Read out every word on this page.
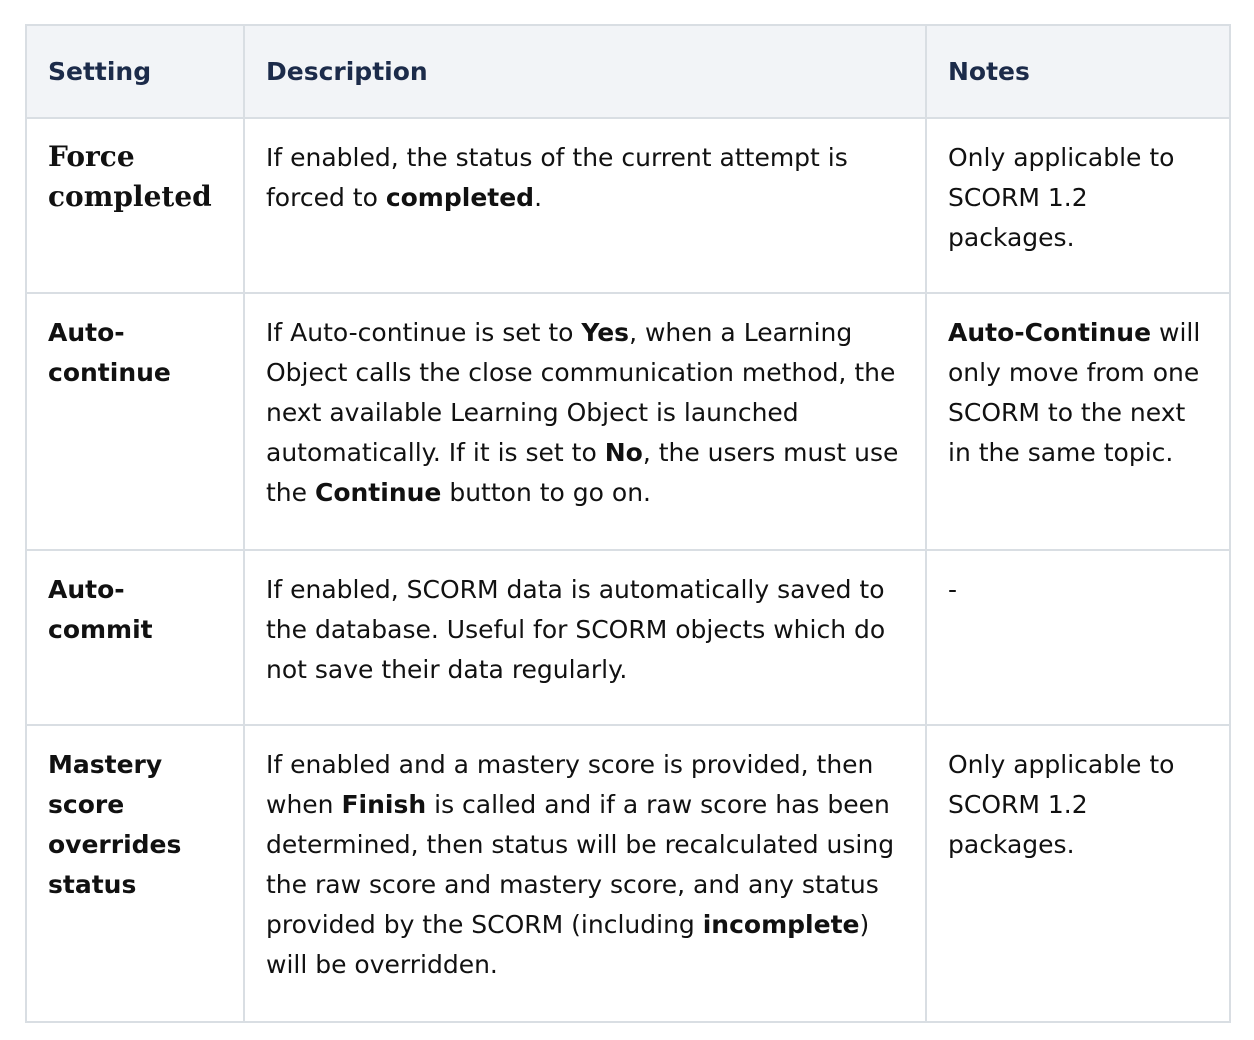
Setting	Description	Notes
Force completed	If enabled, the status of the current attempt is forced to completed.	Only applicable to SCORM 1.2 packages.
Auto-continue	If Auto-continue is set to Yes, when a Learning Object calls the close communication method, the next available Learning Object is launched automatically. If it is set to No, the users must use the Continue button to go on.	Auto-Continue will only move from one SCORM to the next in the same topic.
Auto-commit	If enabled, SCORM data is automatically saved to the database. Useful for SCORM objects which do not save their data regularly.	-
Mastery score overrides status	If enabled and a mastery score is provided, then when Finish is called and if a raw score has been determined, then status will be recalculated using the raw score and mastery score, and any status provided by the SCORM (including incomplete) will be overridden.	Only applicable to SCORM 1.2 packages.
